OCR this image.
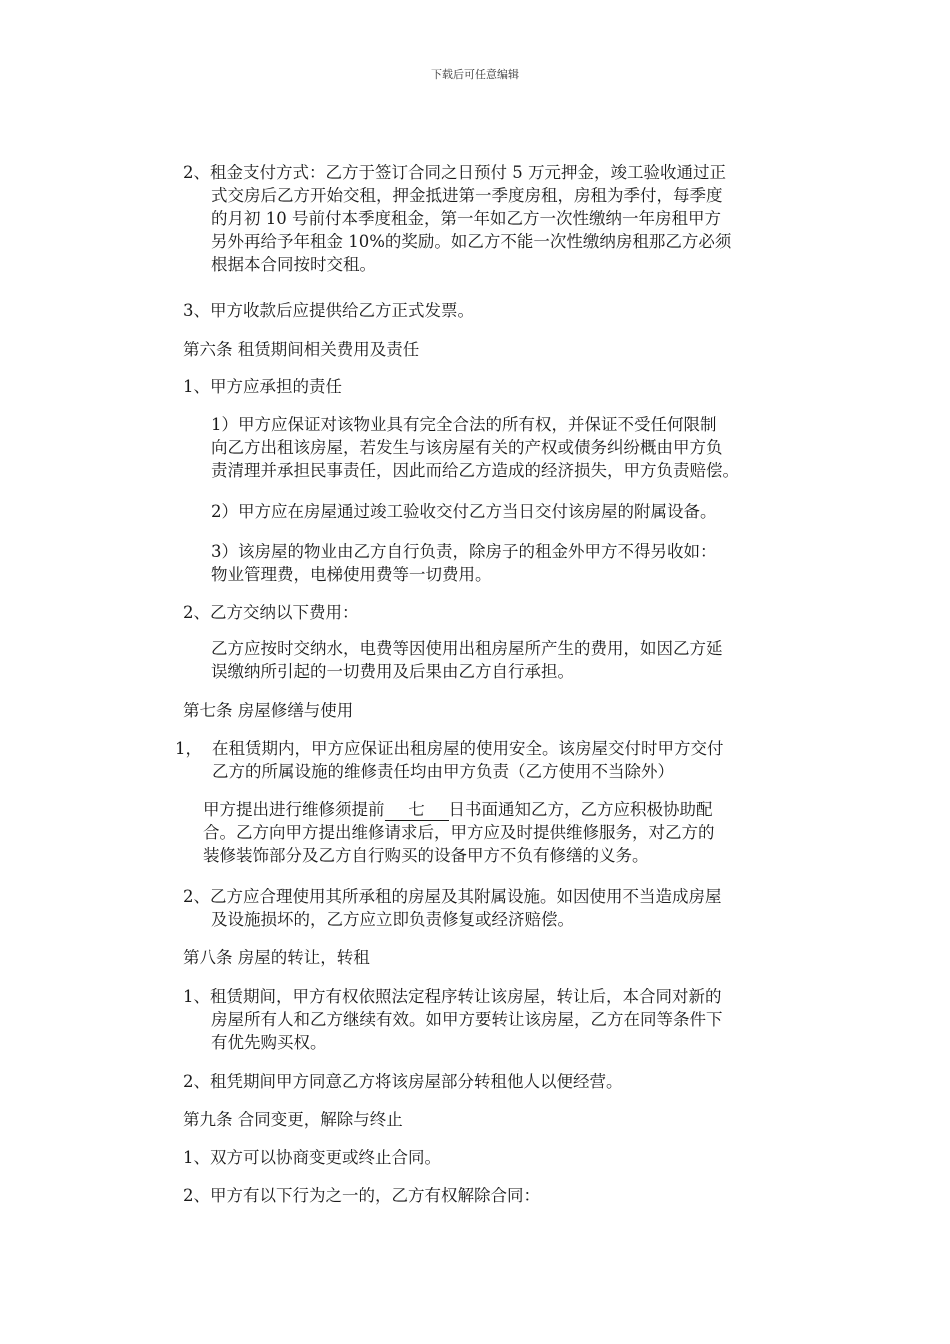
下载后可任意编辑
2、租金支付方式：乙方于签订合同之日预付 5 万元押金，竣工验收通过正
式交房后乙方开始交租，押金抵进第一季度房租，房租为季付，每季度
的月初 10 号前付本季度租金，第一年如乙方一次性缴纳一年房租甲方
另外再给予年租金 10%的奖励。如乙方不能一次性缴纳房租那乙方必须
根据本合同按时交租。
3、甲方收款后应提供给乙方正式发票。
第六条 租赁期间相关费用及责任
1、甲方应承担的责任
1）甲方应保证对该物业具有完全合法的所有权，并保证不受任何限制
向乙方出租该房屋，若发生与该房屋有关的产权或债务纠纷概由甲方负
责清理并承担民事责任，因此而给乙方造成的经济损失，甲方负责赔偿。
2）甲方应在房屋通过竣工验收交付乙方当日交付该房屋的附属设备。
3）该房屋的物业由乙方自行负责，除房子的租金外甲方不得另收如：
物业管理费，电梯使用费等一切费用。
2、乙方交纳以下费用：
乙方应按时交纳水，电费等因使用出租房屋所产生的费用，如因乙方延
误缴纳所引起的一切费用及后果由乙方自行承担。
第七条 房屋修缮与使用
1， 在租赁期内，甲方应保证出租房屋的使用安全。该房屋交付时甲方交付
乙方的所属设施的维修责任均由甲方负责（乙方使用不当除外）
甲方提出进行维修须提前 七 日书面通知乙方，乙方应积极协助配
合。乙方向甲方提出维修请求后，甲方应及时提供维修服务，对乙方的
装修装饰部分及乙方自行购买的设备甲方不负有修缮的义务。
2、乙方应合理使用其所承租的房屋及其附属设施。如因使用不当造成房屋
及设施损坏的，乙方应立即负责修复或经济赔偿。
第八条 房屋的转让，转租
1、租赁期间，甲方有权依照法定程序转让该房屋，转让后，本合同对新的
房屋所有人和乙方继续有效。如甲方要转让该房屋，乙方在同等条件下
有优先购买权。
2、租凭期间甲方同意乙方将该房屋部分转租他人以便经营。
第九条 合同变更，解除与终止
1、双方可以协商变更或终止合同。
2、甲方有以下行为之一的，乙方有权解除合同：
